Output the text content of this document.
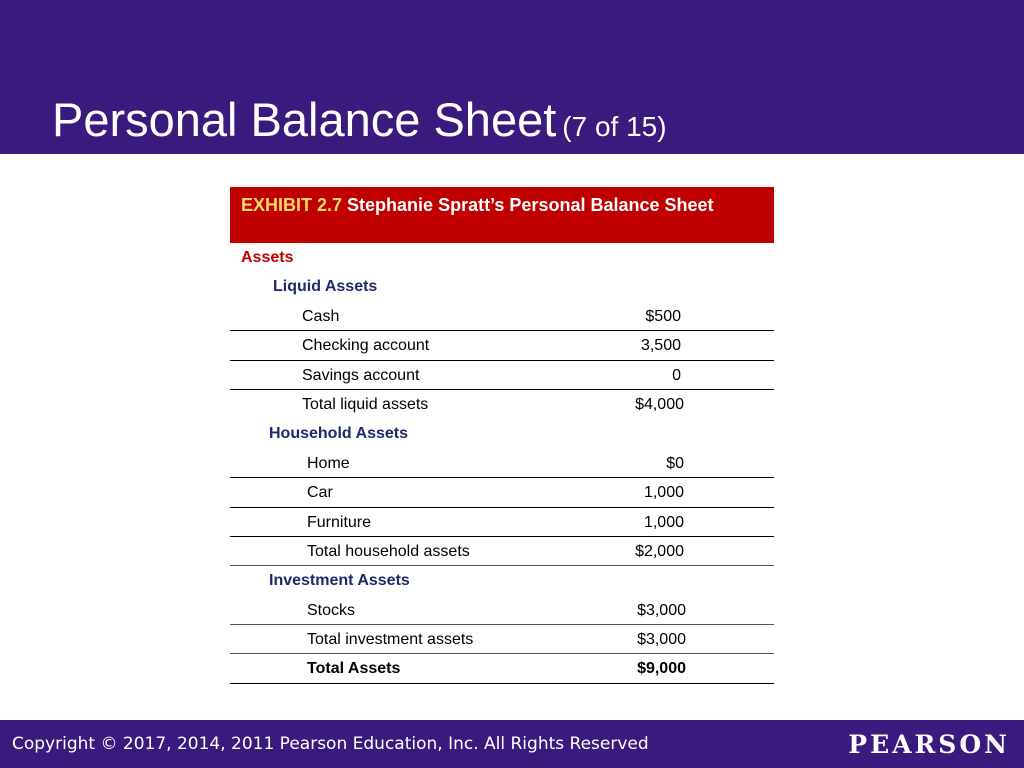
Personal Balance Sheet (7 of 15)
EXHIBIT 2.7 Stephanie Spratt’s Personal Balance Sheet
Assets
Liquid Assets
Cash	$500
Checking account	3,500
Savings account	0
Total liquid assets	$4,000
Household Assets
Home	$0
Car	1,000
Furniture	1,000
Total household assets	$2,000
Investment Assets
Stocks	$3,000
Total investment assets	$3,000
Total Assets	$9,000
Copyright © 2017, 2014, 2011 Pearson Education, Inc. All Rights Reserved	PEARSON
